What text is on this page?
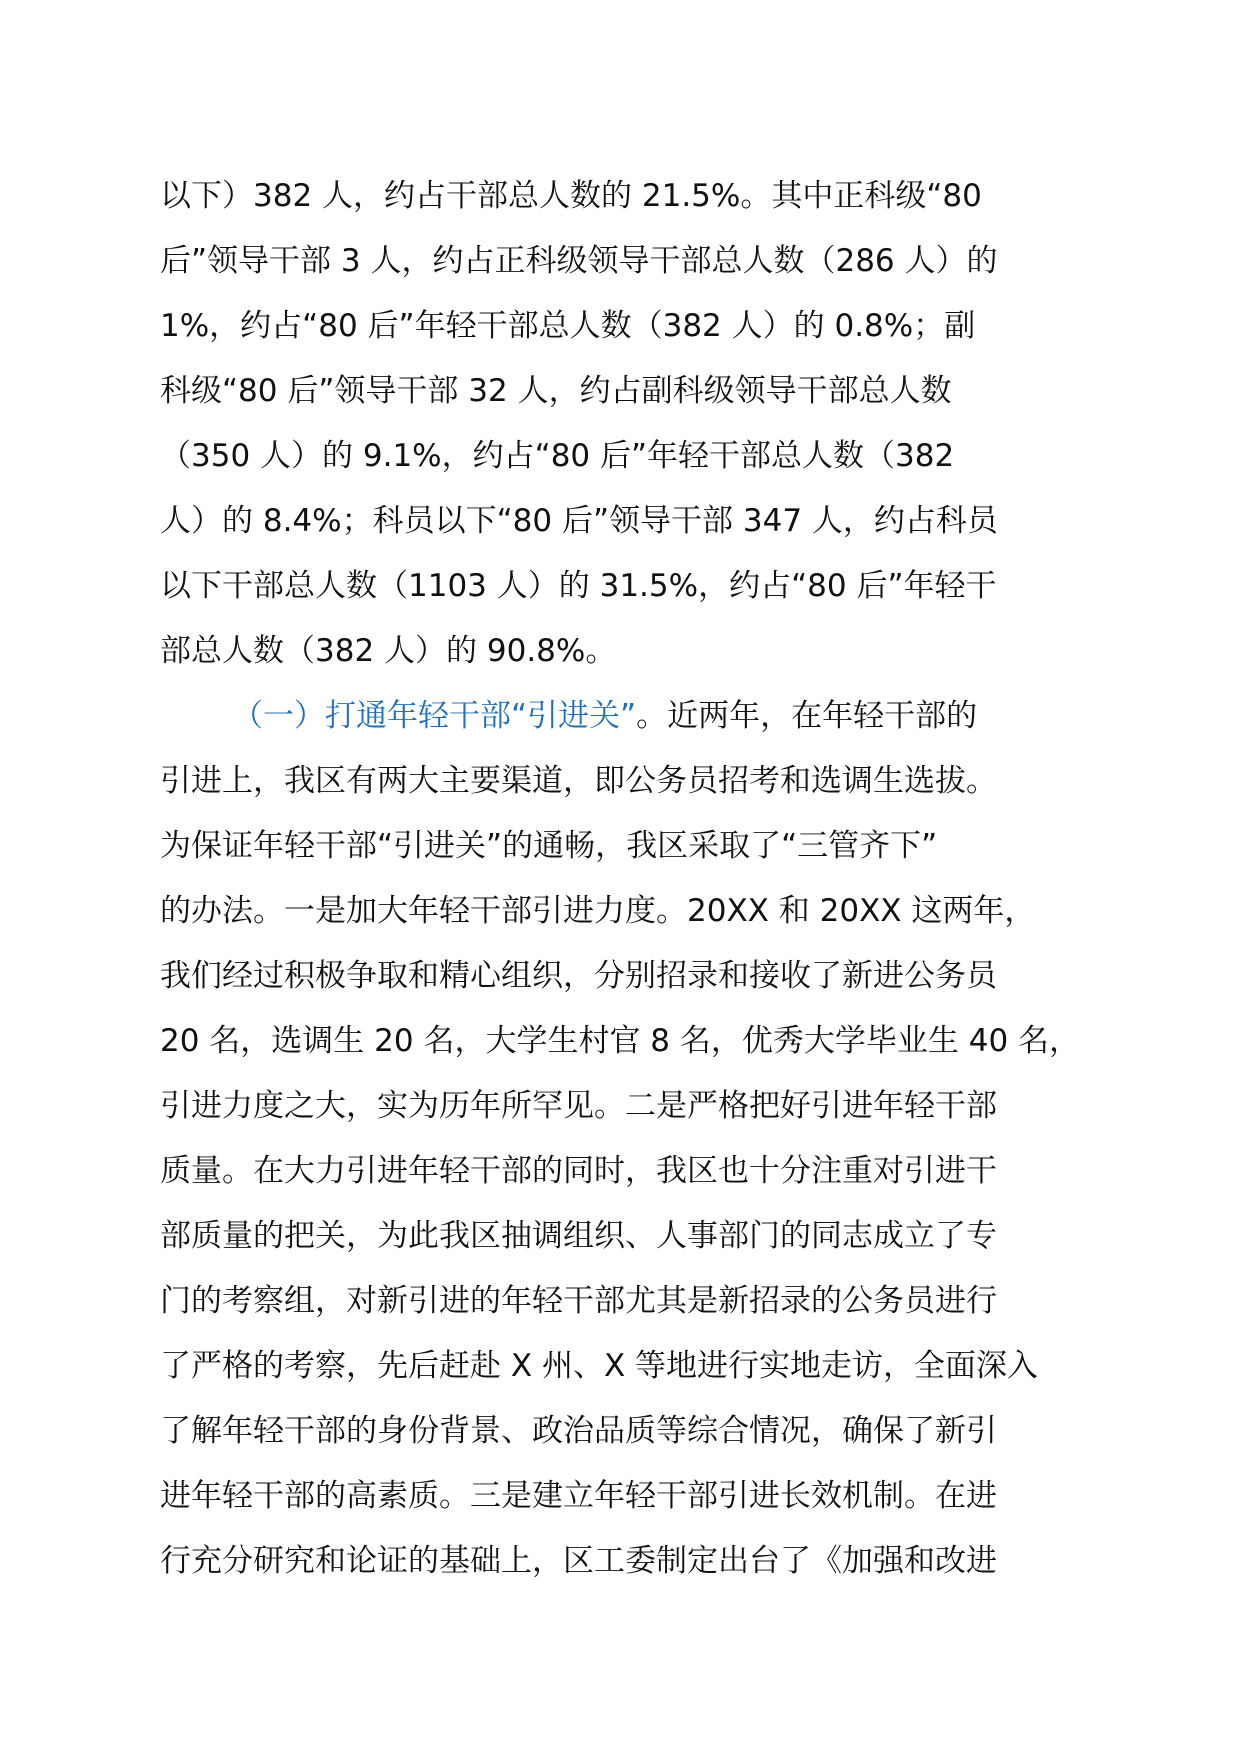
以下）382 人，约占干部总人数的 21.5%。其中正科级“80
后”领导干部 3 人，约占正科级领导干部总人数（286 人）的
1%，约占“80 后”年轻干部总人数（382 人）的 0.8%；副
科级“80 后”领导干部 32 人，约占副科级领导干部总人数
（350 人）的 9.1%，约占“80 后”年轻干部总人数（382
人）的 8.4%；科员以下“80 后”领导干部 347 人，约占科员
以下干部总人数（1103 人）的 31.5%，约占“80 后”年轻干
部总人数（382 人）的 90.8%。
（一）打通年轻干部“引进关”。近两年，在年轻干部的
引进上，我区有两大主要渠道，即公务员招考和选调生选拔。
为保证年轻干部“引进关”的通畅，我区采取了“三管齐下”
的办法。一是加大年轻干部引进力度。20XX 和 20XX 这两年，
我们经过积极争取和精心组织，分别招录和接收了新进公务员
20 名，选调生 20 名，大学生村官 8 名，优秀大学毕业生 40 名，
引进力度之大，实为历年所罕见。二是严格把好引进年轻干部
质量。在大力引进年轻干部的同时，我区也十分注重对引进干
部质量的把关，为此我区抽调组织、人事部门的同志成立了专
门的考察组，对新引进的年轻干部尤其是新招录的公务员进行
了严格的考察，先后赶赴 X 州、X 等地进行实地走访，全面深入
了解年轻干部的身份背景、政治品质等综合情况，确保了新引
进年轻干部的高素质。三是建立年轻干部引进长效机制。在进
行充分研究和论证的基础上，区工委制定出台了《加强和改进
